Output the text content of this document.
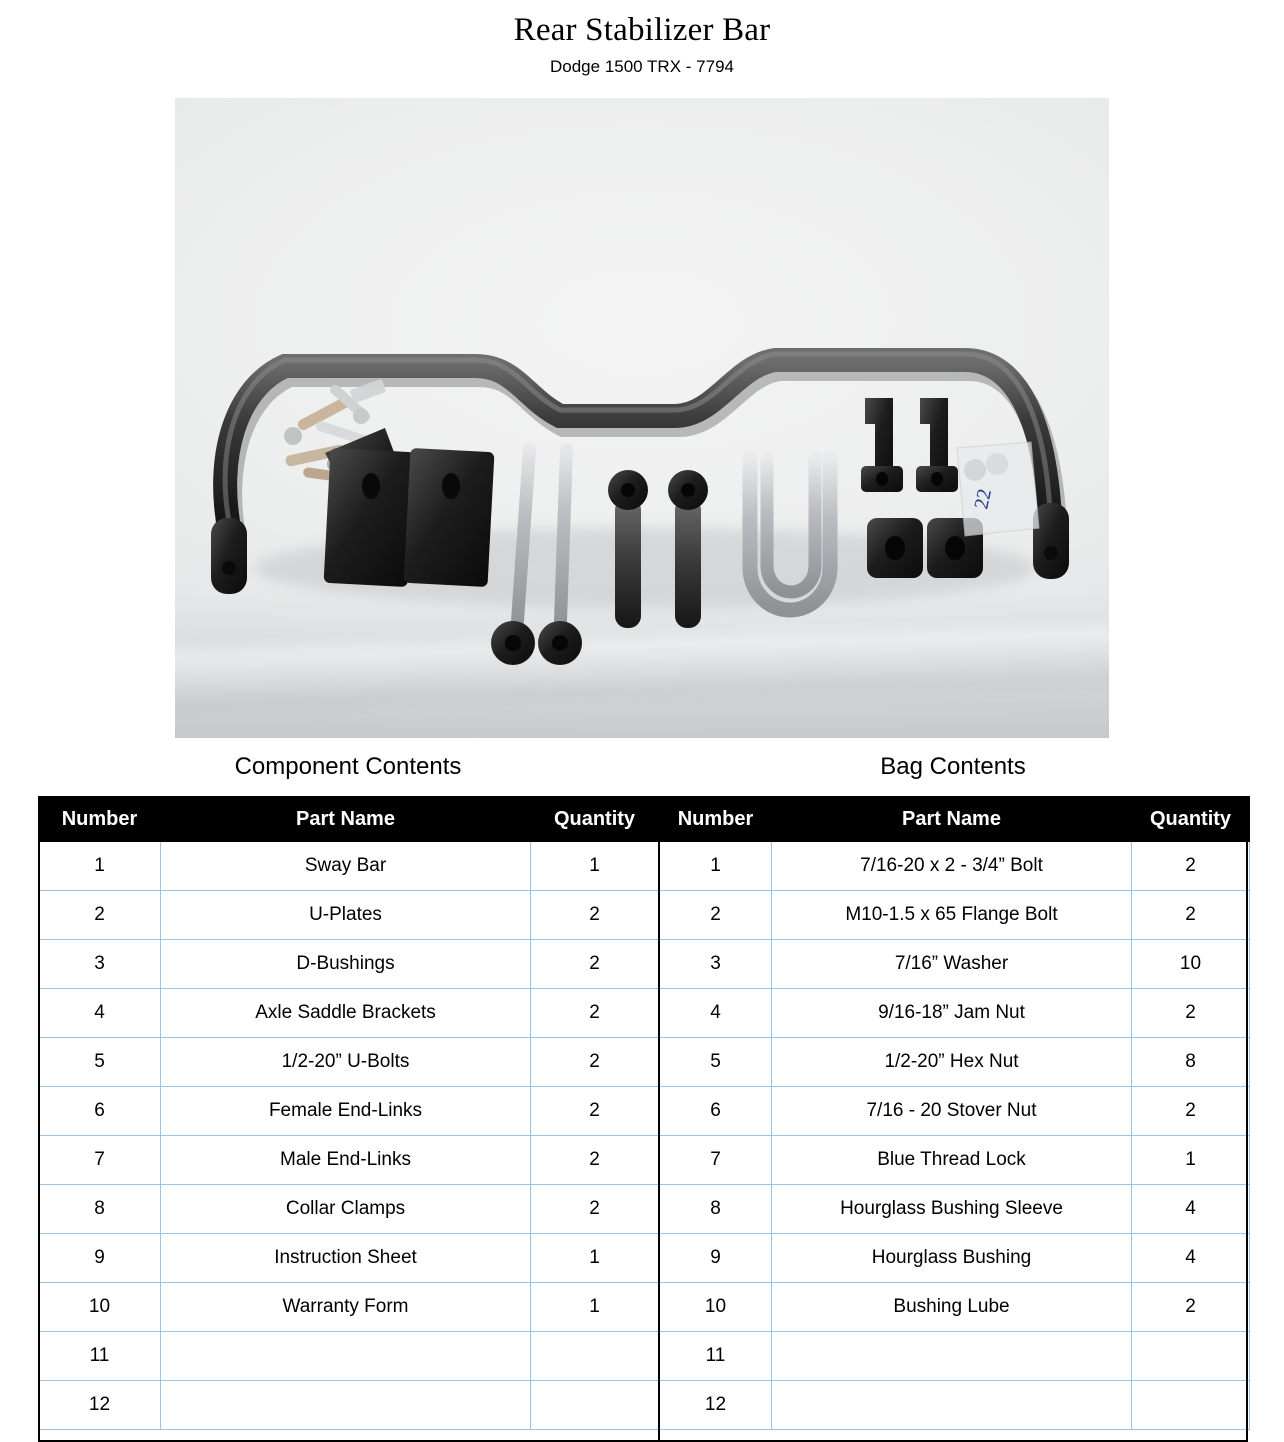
Rear Stabilizer Bar
Dodge 1500 TRX - 7794
22
Component Contents	Bag Contents
Number	Part Name	Quantity
1	Sway Bar	1
2	U-Plates	2
3	D-Bushings	2
4	Axle Saddle Brackets	2
5	1/2-20” U-Bolts	2
6	Female End-Links	2
7	Male End-Links	2
8	Collar Clamps	2
9	Instruction Sheet	1
10	Warranty Form	1
11		
12		
Number	Part Name	Quantity
1	7/16-20 x 2 - 3/4” Bolt	2
2	M10-1.5 x 65 Flange Bolt	2
3	7/16” Washer	10
4	9/16-18” Jam Nut	2
5	1/2-20” Hex Nut	8
6	7/16 - 20 Stover Nut	2
7	Blue Thread Lock	1
8	Hourglass Bushing Sleeve	4
9	Hourglass Bushing	4
10	Bushing Lube	2
11		
12		
